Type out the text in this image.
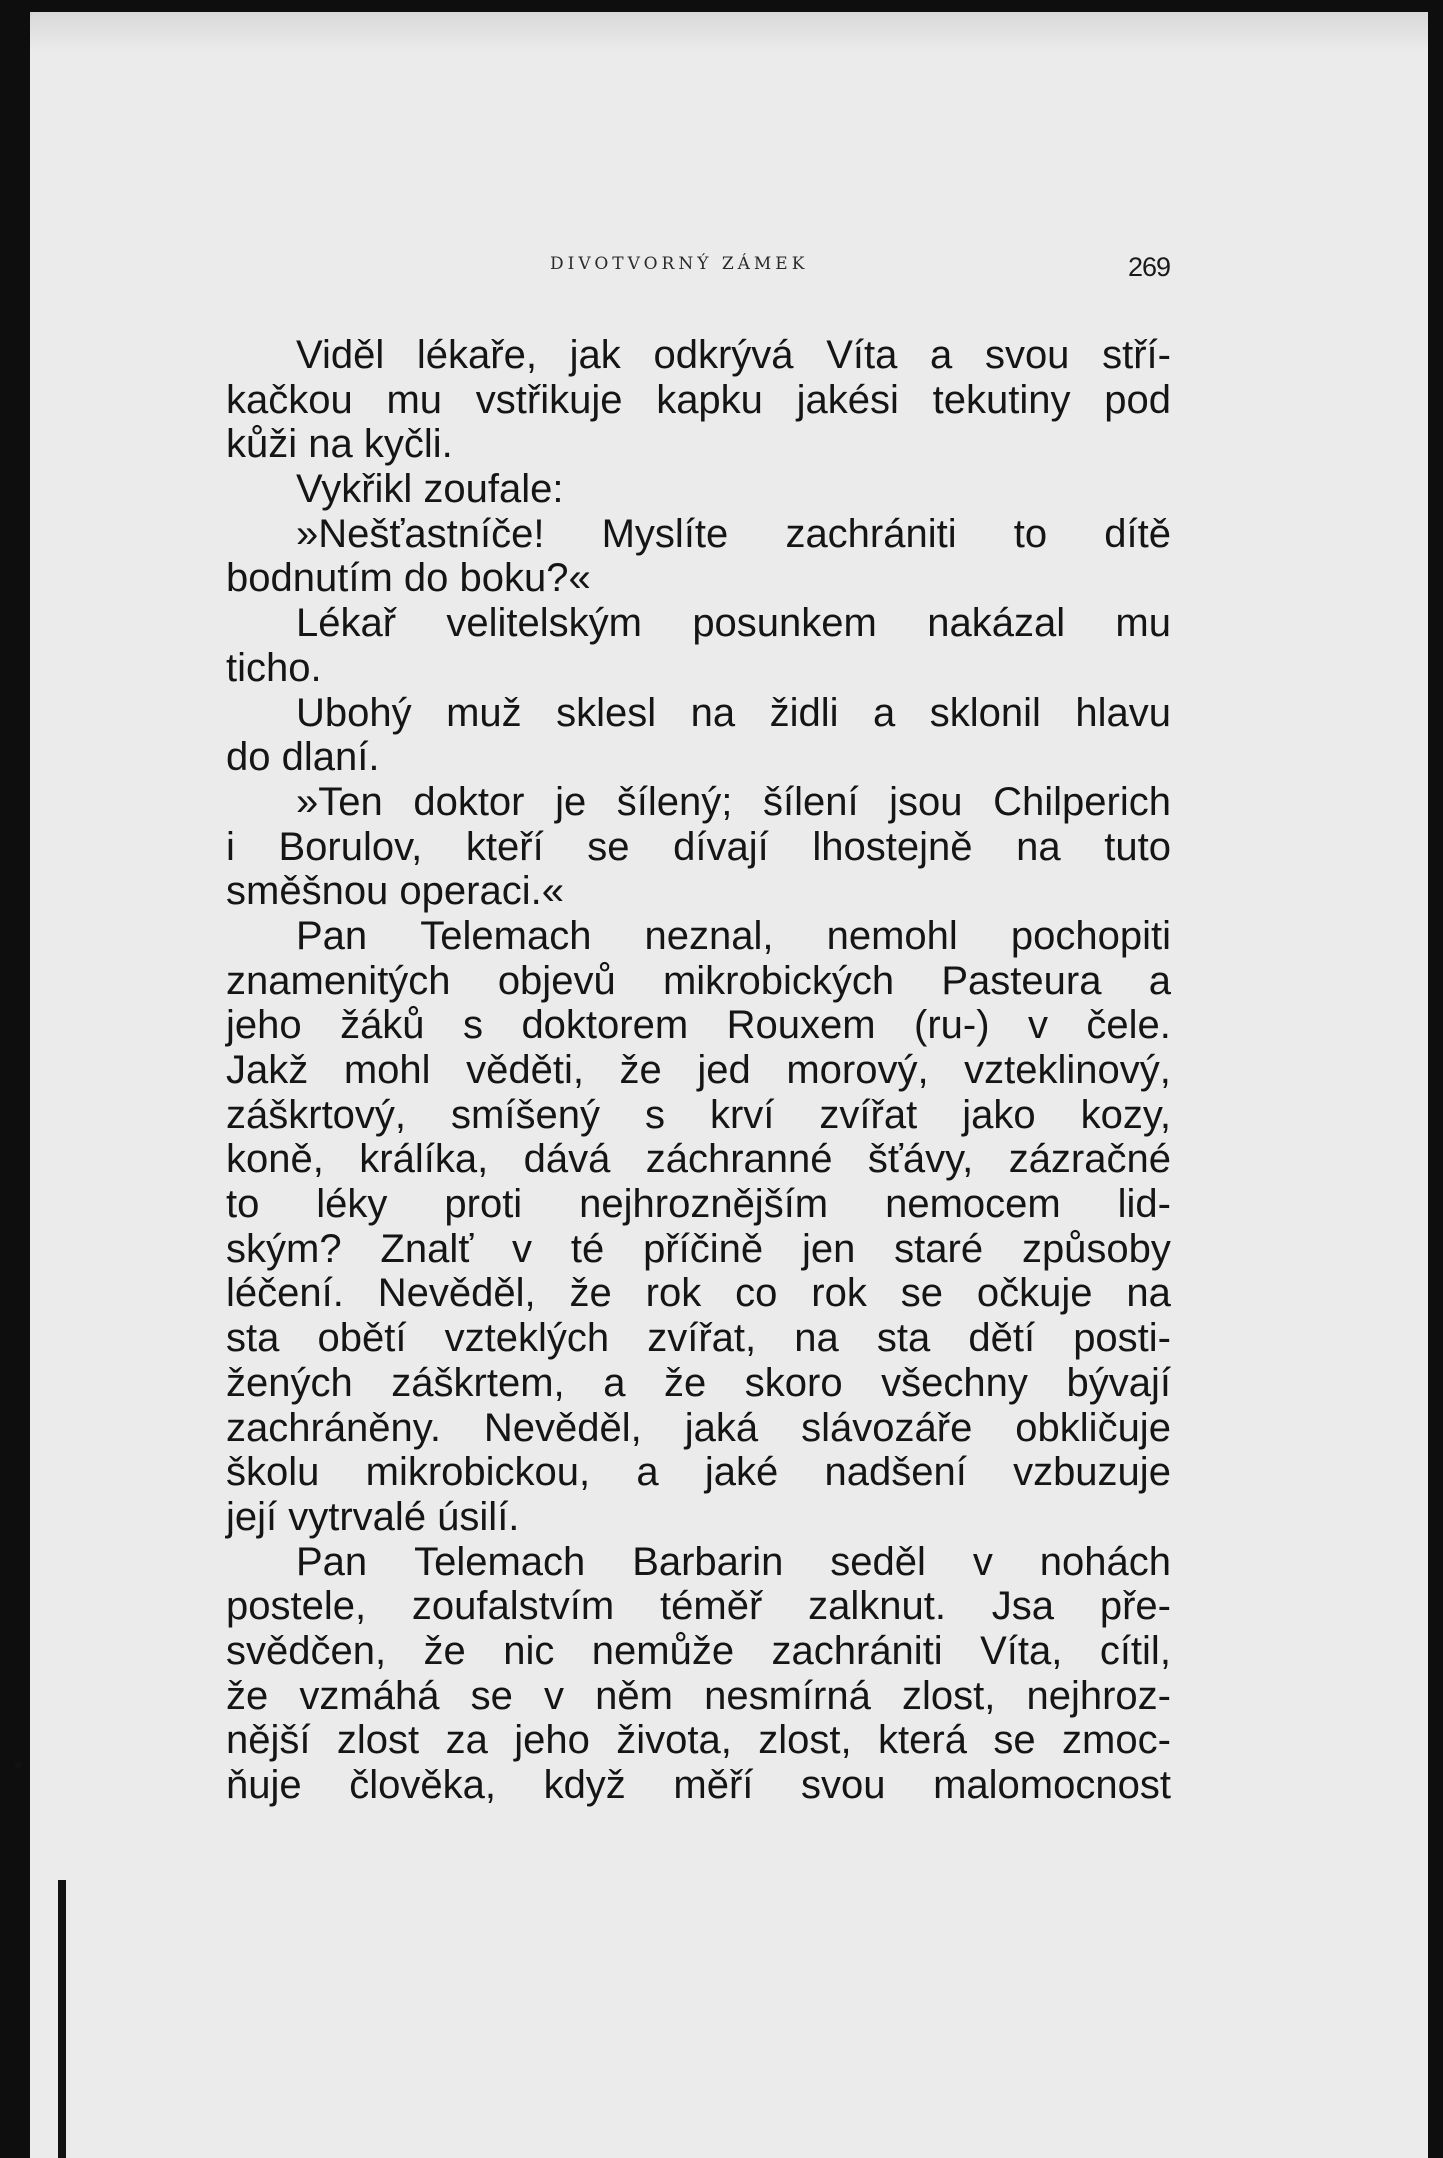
DIVOTVORNÝ ZÁMEK	269
Viděl lékaře, jak odkrývá Víta a svou stří-
kačkou mu vstřikuje kapku jakési tekutiny pod
kůži na kyčli.
Vykřikl zoufale:
»Nešťastníče! Myslíte zachrániti to dítě
bodnutím do boku?«
Lékař velitelským posunkem nakázal mu
ticho.
Ubohý muž sklesl na židli a sklonil hlavu
do dlaní.
»Ten doktor je šílený; šílení jsou Chilperich
i Borulov, kteří se dívají lhostejně na tuto
směšnou operaci.«
Pan Telemach neznal, nemohl pochopiti
znamenitých objevů mikrobických Pasteura a
jeho žáků s doktorem Rouxem (ru-) v čele.
Jakž mohl věděti, že jed morový, vzteklinový,
záškrtový, smíšený s krví zvířat jako kozy,
koně, králíka, dává záchranné šťávy, zázračné
to léky proti nejhroznějším nemocem lid-
ským? Znalť v té příčině jen staré způsoby
léčení. Nevěděl, že rok co rok se očkuje na
sta obětí vzteklých zvířat, na sta dětí posti-
žených záškrtem, a že skoro všechny bývají
zachráněny. Nevěděl, jaká slávozáře obkličuje
školu mikrobickou, a jaké nadšení vzbuzuje
její vytrvalé úsilí.
Pan Telemach Barbarin seděl v nohách
postele, zoufalstvím téměř zalknut. Jsa pře-
svědčen, že nic nemůže zachrániti Víta, cítil,
že vzmáhá se v něm nesmírná zlost, nejhroz-
nější zlost za jeho života, zlost, která se zmoc-
ňuje člověka, když měří svou malomocnost
